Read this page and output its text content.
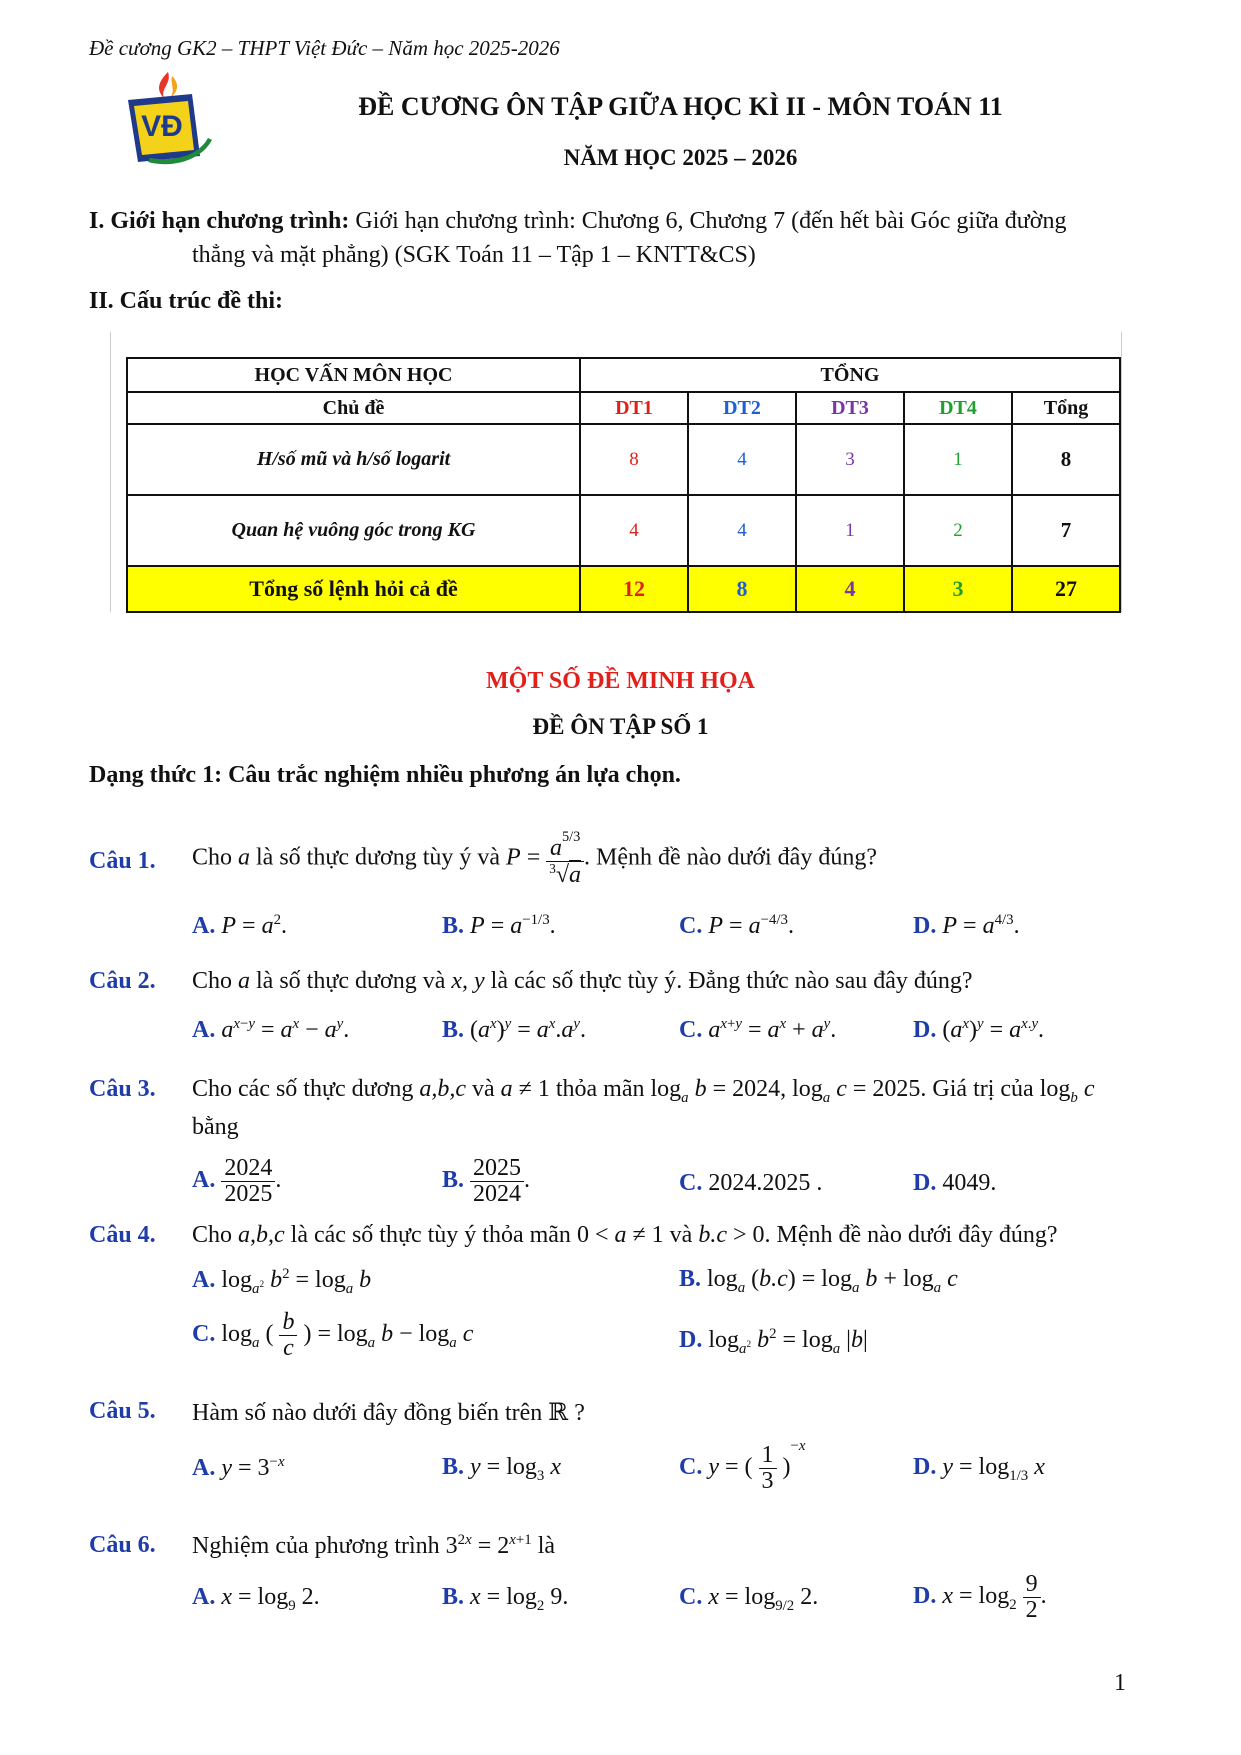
Đề cương GK2 – THPT Việt Đức – Năm học 2025-2026
VĐ
ĐỀ CƯƠNG ÔN TẬP GIỮA HỌC KÌ II - MÔN TOÁN 11
NĂM HỌC 2025 – 2026
I. Giới hạn chương trình: Giới hạn chương trình: Chương 6, Chương 7 (đến hết bài Góc giữa đường
thẳng và mặt phẳng) (SGK Toán 11 – Tập 1 – KNTT&CS)
II. Cấu trúc đề thi:
HỌC VẤN MÔN HỌC	TỔNG				
Chủ đề	DT1	DT2	DT3	DT4	Tổng
H/số mũ và h/số logarit	8	4	3	1	8
Quan hệ vuông góc trong KG	4	4	1	2	7
Tổng số lệnh hỏi cả đề	12	8	4	3	27
MỘT SỐ ĐỀ MINH HỌA
ĐỀ ÔN TẬP SỐ 1
Dạng thức 1: Câu trắc nghiệm nhiều phương án lựa chọn.
Câu 1. Cho a là số thực dương tùy ý và $P = \frac{a^{5/3}}{^3√a}$ . Mệnh đề nào dưới đây đúng?
A. $P = a^2$.	B. $P = a^{-1/3}$.	C. $P = a^{-4/3}$.	D. $P = a^{4/3}$.
Câu 2. Cho a là số thực dương và x, y là các số thực tùy ý. Đẳng thức nào sau đây đúng?
A. $a^{x-y} = a^x - a^y$.	B. $(a^x)^y = a^x.a^y$.	C. $a^{x+y} = a^x + a^y$.	D. $(a^x)^y = a^{x.y}$.
Câu 3. Cho các số thực dương a,b,c và a ≠ 1 thỏa mãn $\log_a b = 2024$, $\log_a c = 2025$. Giá trị của $\log_b c$
bằng
A. $\frac{2024}{2025}$ .	B. $\frac{2025}{2024}$ .	C. 2024.2025 .	D. 4049.
Câu 4. Cho a,b,c là các số thực tùy ý thỏa mãn 0 < a ≠ 1 và b.c > 0. Mệnh đề nào dưới đây đúng?
A. $\log_{a^2} b^2 = \log_a b$	B. $\log_a (b.c) = \log_a b + \log_a c$
C. $\log_a$ ( $\frac{b}{c}$ ) = $\log_a b - \log_a c$	D. $\log_{a^2} b^2 = \log_a |b|$
Câu 5. Hàm số nào dưới đây đồng biến trên ℝ ?
A. $y = 3^{-x}$	B. $y = \log_3 x$	C. y = ( $\frac{1}{3} )^{-x}$
D. $y = \log_{1/3} x$
Câu 6. Nghiệm của phương trình $3^{2x} = 2^{x+1}$ là
A. $x = \log_9 2$.	B. $x = \log_2 9$.	C. $x = \log_{9/2} 2$.	D. $x = \log_2 \frac{9}{2}$ .
1
